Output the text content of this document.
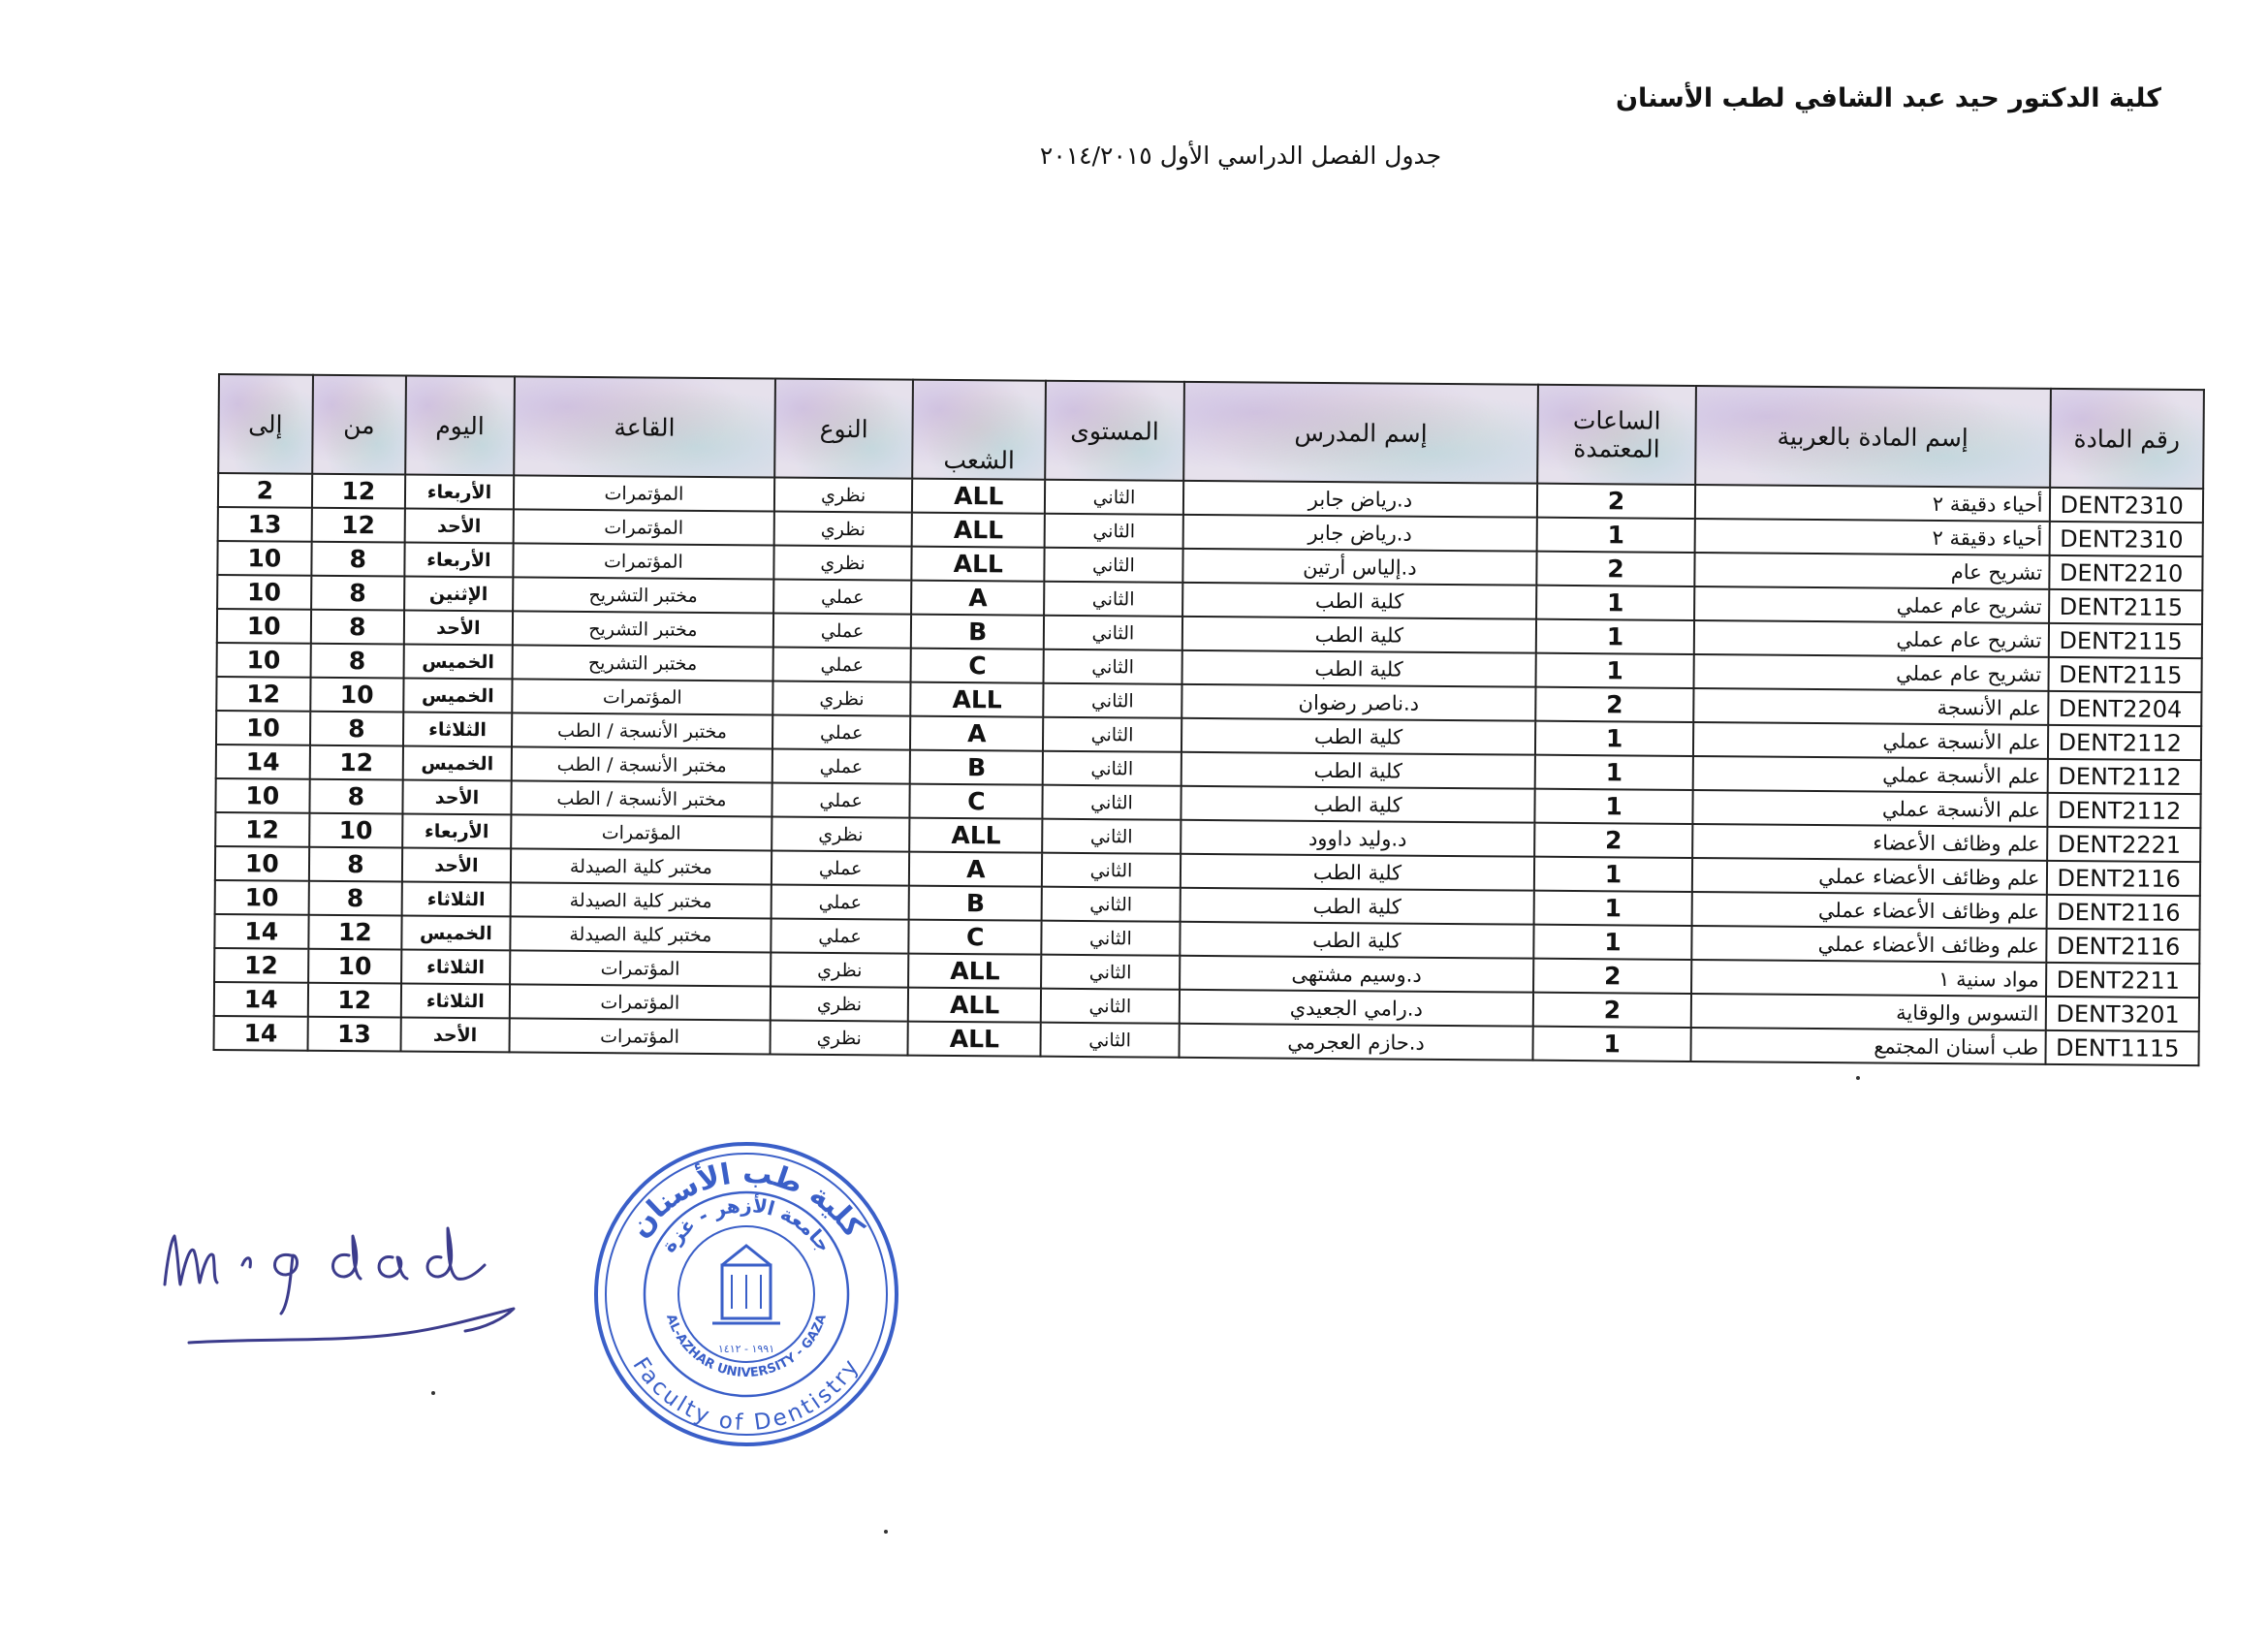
كلية الدكتور حيد عبد الشافي لطب الأسنان
جدول الفصل الدراسي الأول ٢٠١٤/٢٠١٥
رقم المادة	إسم المادة بالعربية	الساعات المعتمدة	إسم المدرس	المستوى	الشعب	النوع	القاعة	اليوم	من	إلى
DENT2310	أحياء دقيقة ٢	2	د.رياض جابر	الثاني	ALL	نظري	المؤتمرات	الأربعاء	12	2
DENT2310	أحياء دقيقة ٢	1	د.رياض جابر	الثاني	ALL	نظري	المؤتمرات	الأحد	12	13
DENT2210	تشريح عام	2	د.إلياس أرتين	الثاني	ALL	نظري	المؤتمرات	الأربعاء	8	10
DENT2115	تشريح عام عملي	1	كلية الطب	الثاني	A	عملي	مختبر التشريح	الإثنين	8	10
DENT2115	تشريح عام عملي	1	كلية الطب	الثاني	B	عملي	مختبر التشريح	الأحد	8	10
DENT2115	تشريح عام عملي	1	كلية الطب	الثاني	C	عملي	مختبر التشريح	الخميس	8	10
DENT2204	علم الأنسجة	2	د.ناصر رضوان	الثاني	ALL	نظري	المؤتمرات	الخميس	10	12
DENT2112	علم الأنسجة عملي	1	كلية الطب	الثاني	A	عملي	مختبر الأنسجة / الطب	الثلاثاء	8	10
DENT2112	علم الأنسجة عملي	1	كلية الطب	الثاني	B	عملي	مختبر الأنسجة / الطب	الخميس	12	14
DENT2112	علم الأنسجة عملي	1	كلية الطب	الثاني	C	عملي	مختبر الأنسجة / الطب	الأحد	8	10
DENT2221	علم وظائف الأعضاء	2	د.وليد داوود	الثاني	ALL	نظري	المؤتمرات	الأربعاء	10	12
DENT2116	علم وظائف الأعضاء عملي	1	كلية الطب	الثاني	A	عملي	مختبر كلية الصيدلة	الأحد	8	10
DENT2116	علم وظائف الأعضاء عملي	1	كلية الطب	الثاني	B	عملي	مختبر كلية الصيدلة	الثلاثاء	8	10
DENT2116	علم وظائف الأعضاء عملي	1	كلية الطب	الثاني	C	عملي	مختبر كلية الصيدلة	الخميس	12	14
DENT2211	مواد سنية ١	2	د.وسيم مشتهى	الثاني	ALL	نظري	المؤتمرات	الثلاثاء	10	12
DENT3201	التسوس والوقاية	2	د.رامي الجعيدي	الثاني	ALL	نظري	المؤتمرات	الثلاثاء	12	14
DENT1115	طب أسنان المجتمع	1	د.حازم العجرمي	الثاني	ALL	نظري	المؤتمرات	الأحد	13	14
كلية طب الأسنان
Faculty of Dentistry
جامعة الأزهر - غزة
AL-AZHAR UNIVERSITY - GAZA
١٩٩١ - ١٤١٢
